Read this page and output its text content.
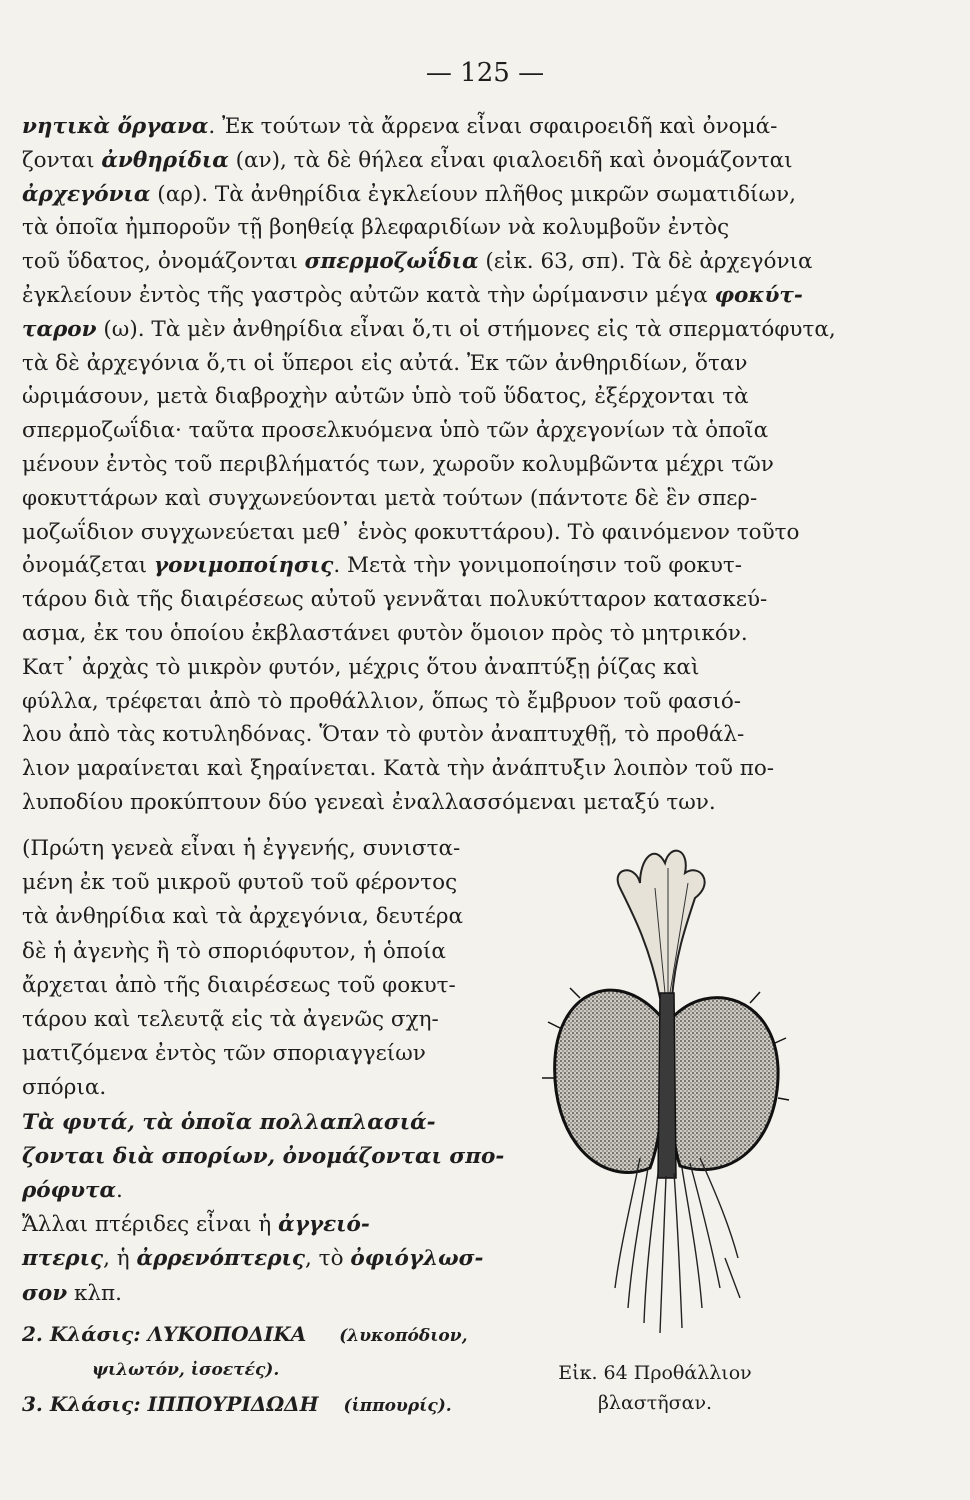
— 125 —
νητικὰ ὄργανα. Ἐκ τούτων τὰ ἄρρενα εἶναι σφαιροειδῆ καὶ ὀνομά-
ζονται ἀνθηρίδια (αν), τὰ δὲ θήλεα εἶναι φιαλοειδῆ καὶ ὀνομάζονται
ἀρχεγόνια (αρ). Τὰ ἀνθηρίδια ἐγκλείουν πλῆθος μικρῶν σωματιδίων,
τὰ ὁποῖα ἠμποροῦν τῇ βοηθείᾳ βλεφαριδίων νὰ κολυμβοῦν ἐντὸς
τοῦ ὕδατος, ὀνομάζονται σπερμοζωΐδια (εἰκ. 63, σπ). Τὰ δὲ ἀρχεγόνια
ἐγκλείουν ἐντὸς τῆς γαστρὸς αὐτῶν κατὰ τὴν ὡρίμανσιν μέγα φοκύτ-
ταρον (ω). Τὰ μὲν ἀνθηρίδια εἶναι ὅ,τι οἱ στήμονες εἰς τὰ σπερματόφυτα,
τὰ δὲ ἀρχεγόνια ὅ,τι οἱ ὕπεροι εἰς αὐτά. Ἐκ τῶν ἀνθηριδίων, ὅταν
ὡριμάσουν, μετὰ διαβροχὴν αὐτῶν ὑπὸ τοῦ ὕδατος, ἐξέρχονται τὰ
σπερμοζωΐδια· ταῦτα προσελκυόμενα ὑπὸ τῶν ἀρχεγονίων τὰ ὁποῖα
μένουν ἐντὸς τοῦ περιβλήματός των, χωροῦν κολυμβῶντα μέχρι τῶν
φοκυττάρων καὶ συγχωνεύονται μετὰ τούτων (πάντοτε δὲ ἓν σπερ-
μοζωΐδιον συγχωνεύεται μεθ᾽ ἑνὸς φοκυττάρου). Τὸ φαινόμενον τοῦτο
ὀνομάζεται γονιμοποίησις. Μετὰ τὴν γονιμοποίησιν τοῦ φοκυτ-
τάρου διὰ τῆς διαιρέσεως αὐτοῦ γεννᾶται πολυκύτταρον κατασκεύ-
ασμα, ἐκ του ὁποίου ἐκβλαστάνει φυτὸν ὅμοιον πρὸς τὸ μητρικόν.
Κατ᾽ ἀρχὰς τὸ μικρὸν φυτόν, μέχρις ὅτου ἀναπτύξῃ ῥίζας καὶ
φύλλα, τρέφεται ἀπὸ τὸ προθάλλιον, ὅπως τὸ ἔμβρυον τοῦ φασιό-
λου ἀπὸ τὰς κοτυληδόνας. Ὅταν τὸ φυτὸν ἀναπτυχθῇ, τὸ προθάλ-
λιον μαραίνεται καὶ ξηραίνεται. Κατὰ τὴν ἀνάπτυξιν λοιπὸν τοῦ πο-
λυποδίου προκύπτουν δύο γενεαὶ ἐναλλασσόμεναι μεταξύ των.
(Πρώτη γενεὰ εἶναι ἡ ἐγγενής, συνιστα-
μένη ἐκ τοῦ μικροῦ φυτοῦ τοῦ φέροντος
τὰ ἀνθηρίδια καὶ τὰ ἀρχεγόνια, δευτέρα
δὲ ἡ ἀγενὴς ἢ τὸ σποριόφυτον, ἡ ὁποία
ἄρχεται ἀπὸ τῆς διαιρέσεως τοῦ φοκυτ-
τάρου καὶ τελευτᾷ εἰς τὰ ἀγενῶς σχη-
ματιζόμενα ἐντὸς τῶν σποριαγγείων
σπόρια.
Τὰ φυτά, τὰ ὁποῖα πολλαπλασιά-
ζονται διὰ σπορίων, ὀνομάζονται σπο-
ρόφυτα.
Ἄλλαι πτέριδες εἶναι ἡ ἀγγειό-
πτερις, ἡ ἀρρενόπτερις, τὸ ὀφιόγλωσ-
σον κλπ.
Εἰκ. 64 Προθάλλιον
βλαστῆσαν.
2. Κλάσις: ΛΥΚΟΠΟΔΙΚΑ (λυκοπόδιον,
ψιλωτόν, ἰσοετές).
3. Κλάσις: ΙΠΠΟΥΡΙΔΩΔΗ (ἱππουρίς).
